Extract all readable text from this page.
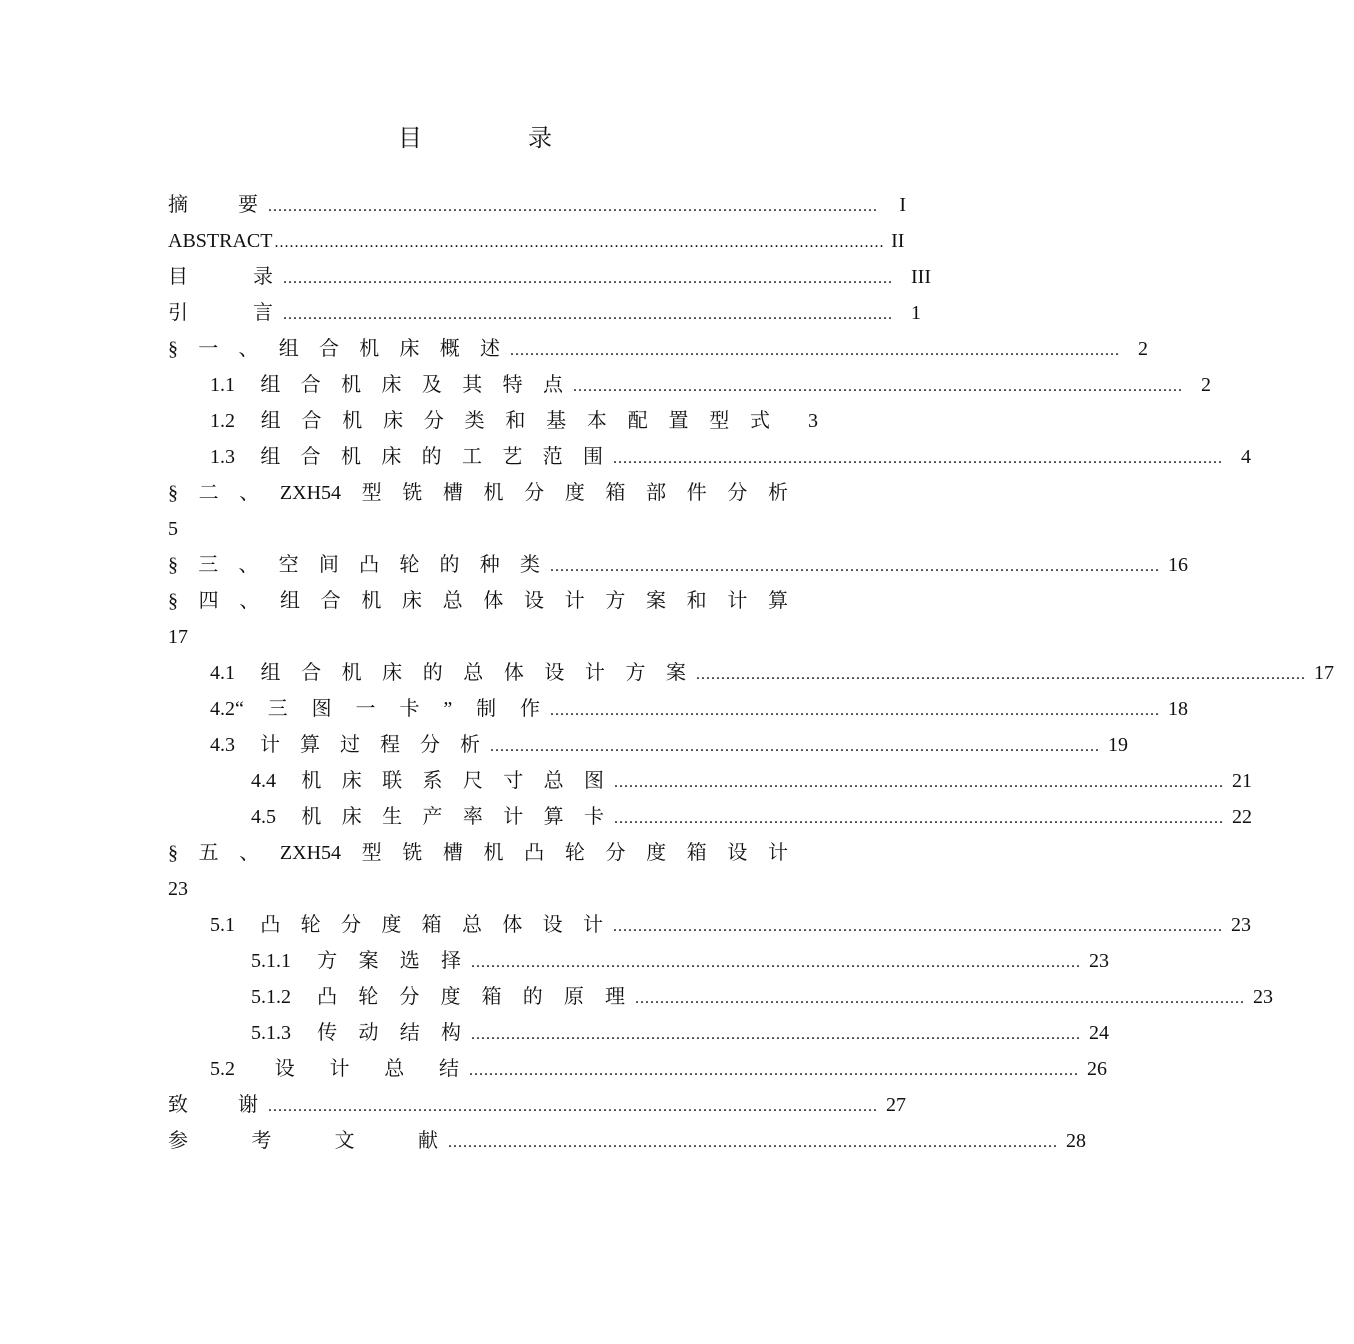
目 录
摘要 ..........................................................................................................................	I
ABSTRACT .......................................................................................................................... II
目录 .......................................................................................................................... III
引言 .......................................................................................................................... 1
§一、组合机床概述 .......................................................................................................................... 2
1.1 组合机床及其特点 .......................................................................................................................... 2
1.2 组合机床分类和基本配置型式	3
1.3 组合机床的工艺范围 .......................................................................................................................... 4
§二、ZXH54型铣槽机分度箱部件分析
5
§三、空间凸轮的种类 .......................................................................................................................... 16
§四、组合机床总体设计方案和计算
17
4.1 组合机床的总体设计方案 .......................................................................................................................... 17
4.2“三图一卡”制作 .......................................................................................................................... 18
4.3 计算过程分析 .......................................................................................................................... 19
4.4 机床联系尺寸总图 .......................................................................................................................... 21
4.5 机床生产率计算卡 .......................................................................................................................... 22
§五、ZXH54型铣槽机凸轮分度箱设计
23
5.1 凸轮分度箱总体设计 .......................................................................................................................... 23
5.1.1 方案选择 .......................................................................................................................... 23
5.1.2 凸轮分度箱的原理 .......................................................................................................................... 23
5.1.3 传动结构 .......................................................................................................................... 24
5.2 设计总结 .......................................................................................................................... 26
致谢 .......................................................................................................................... 27
参考文献 .......................................................................................................................... 28
